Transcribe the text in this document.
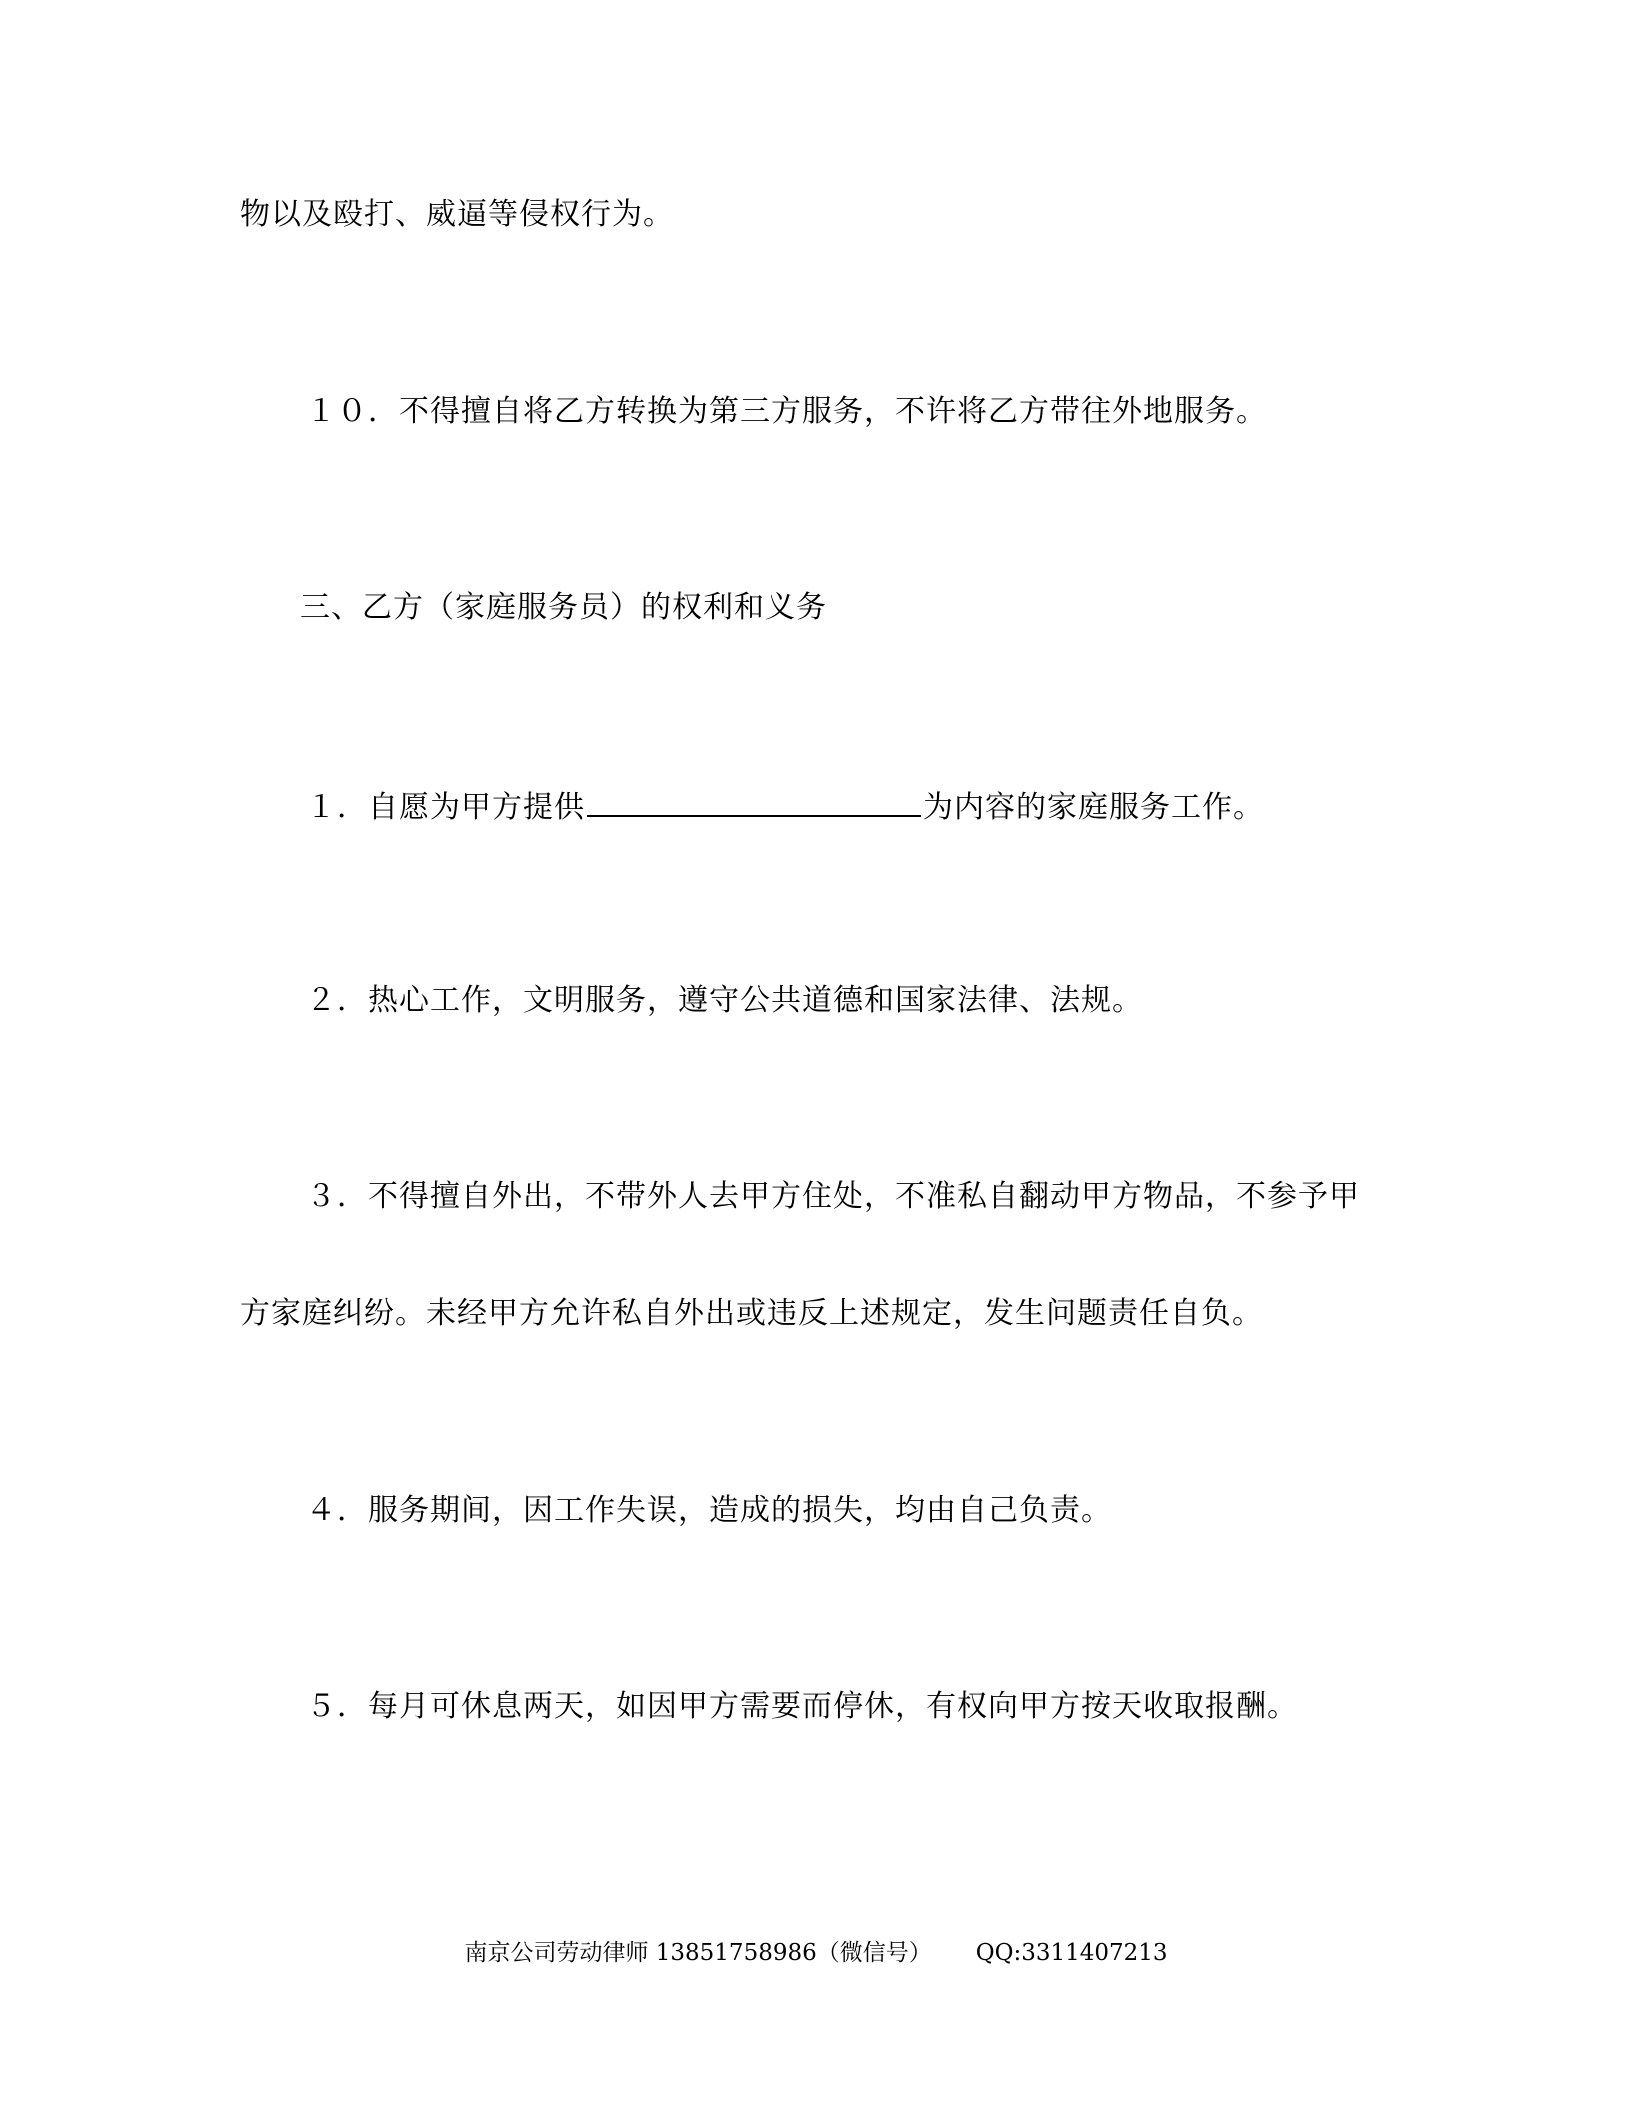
物以及殴打、威逼等侵权行为。
１０．不得擅自将乙方转换为第三方服务，不许将乙方带往外地服务。
三、乙方（家庭服务员）的权利和义务
１．自愿为甲方提供	为内容的家庭服务工作。
２．热心工作，文明服务，遵守公共道德和国家法律、法规。
３．不得擅自外出，不带外人去甲方住处，不准私自翻动甲方物品，不参予甲
方家庭纠纷。未经甲方允许私自外出或违反上述规定，发生问题责任自负。
４．服务期间，因工作失误，造成的损失，均由自己负责。
５．每月可休息两天，如因甲方需要而停休，有权向甲方按天收取报酬。
南京公司劳动律师 13851758986（微信号） QQ:3311407213
